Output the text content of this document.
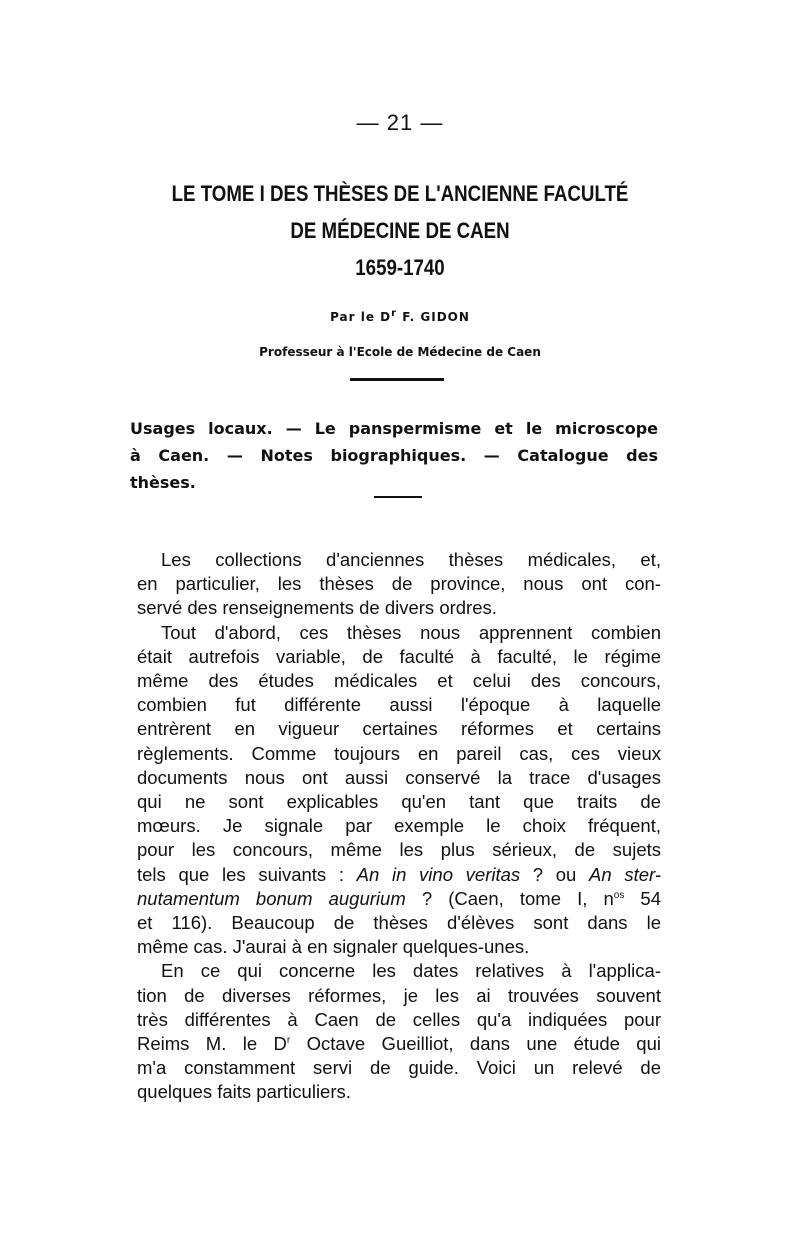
— 21 —
LE TOME I DES THÈSES DE L'ANCIENNE FACULTÉ
DE MÉDECINE DE CAEN
1659-1740
Par le $D^r$ F. GIDON
Professeur à l'Ecole de Médecine de Caen
Usages locaux. — Le panspermisme et le microscope
à Caen. — Notes biographiques. — Catalogue des
thèses.
Les collections d'anciennes thèses médicales, et,
en particulier, les thèses de province, nous ont con-
servé des renseignements de divers ordres.
Tout d'abord, ces thèses nous apprennent combien
était autrefois variable, de faculté à faculté, le régime
même des études médicales et celui des concours,
combien fut différente aussi l'époque à laquelle
entrèrent en vigueur certaines réformes et certains
règlements. Comme toujours en pareil cas, ces vieux
documents nous ont aussi conservé la trace d'usages
qui ne sont explicables qu'en tant que traits de
mœurs. Je signale par exemple le choix fréquent,
pour les concours, même les plus sérieux, de sujets
tels que les suivants : An in vino veritas ? ou An ster-
nutamentum bonum augurium ? (Caen, tome I, $n^{os}$ 54
et 116). Beaucoup de thèses d'élèves sont dans le
même cas. J'aurai à en signaler quelques-unes.
En ce qui concerne les dates relatives à l'applica-
tion de diverses réformes, je les ai trouvées souvent
très différentes à Caen de celles qu'a indiquées pour
Reims M. le $D^r$ Octave Gueilliot, dans une étude qui
m'a constamment servi de guide. Voici un relevé de
quelques faits particuliers.
